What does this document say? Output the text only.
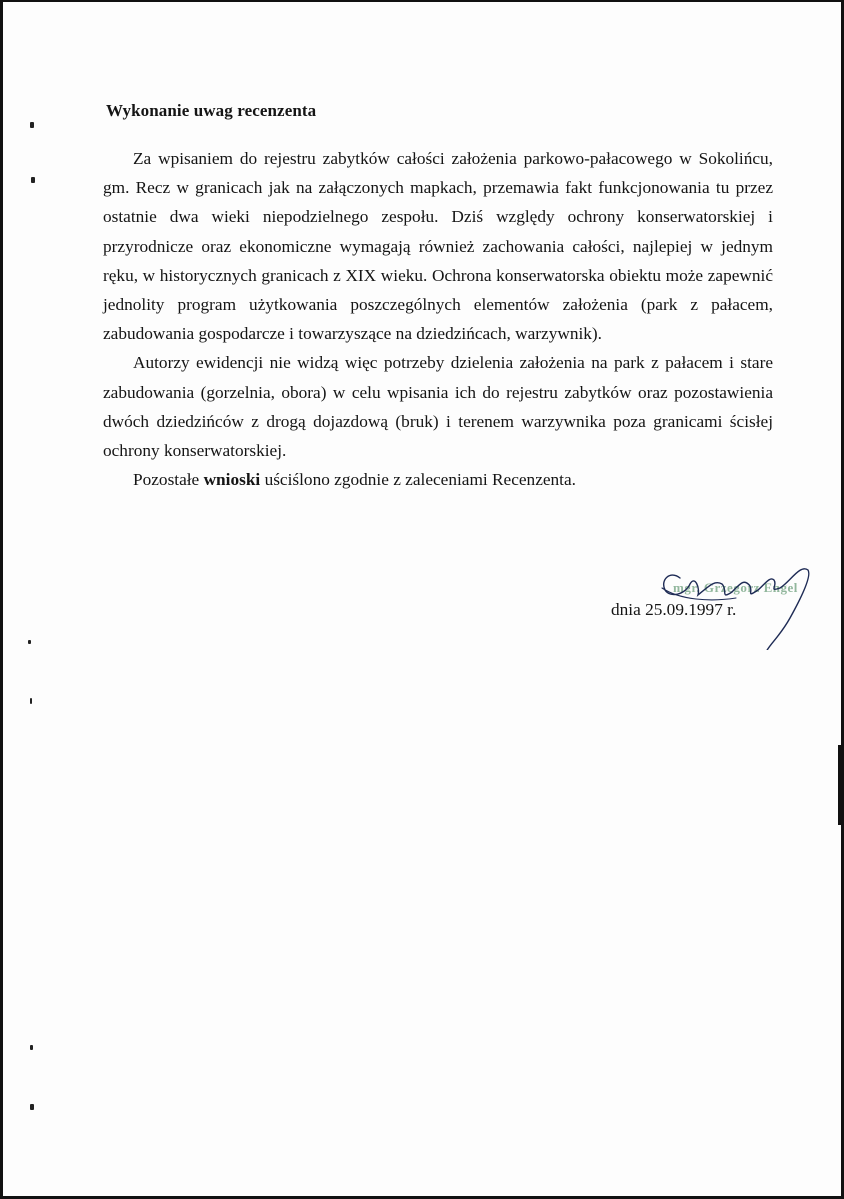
Wykonanie uwag recenzenta

Za wpisaniem do rejestru zabytków całości założenia parkowo-pałacowego w Sokolińcu, gm. Recz w granicach jak na załączonych mapkach, przemawia fakt funkcjonowania tu przez ostatnie dwa wieki niepodzielnego zespołu. Dziś względy ochrony konserwatorskiej i przyrodnicze oraz ekonomiczne wymagają również zachowania całości, najlepiej w jednym ręku, w historycznych granicach z XIX wieku. Ochrona konserwatorska obiektu może zapewnić jednolity program użytkowania poszczególnych elementów założenia (park z pałacem, zabudowania gospodarcze i towarzyszące na dziedzińcach, warzywnik).

Autorzy ewidencji nie widzą więc potrzeby dzielenia założenia na park z pałacem i stare zabudowania (gorzelnia, obora) w celu wpisania ich do rejestru zabytków oraz pozostawienia dwóch dziedzińców z drogą dojazdową (bruk) i terenem warzywnika poza granicami ścisłej ochrony konserwatorskiej.

Pozostałe wnioski uściślono zgodnie z zaleceniami Recenzenta.

mgr. Grzegorz Engel
dnia 25.09.1997 r.
